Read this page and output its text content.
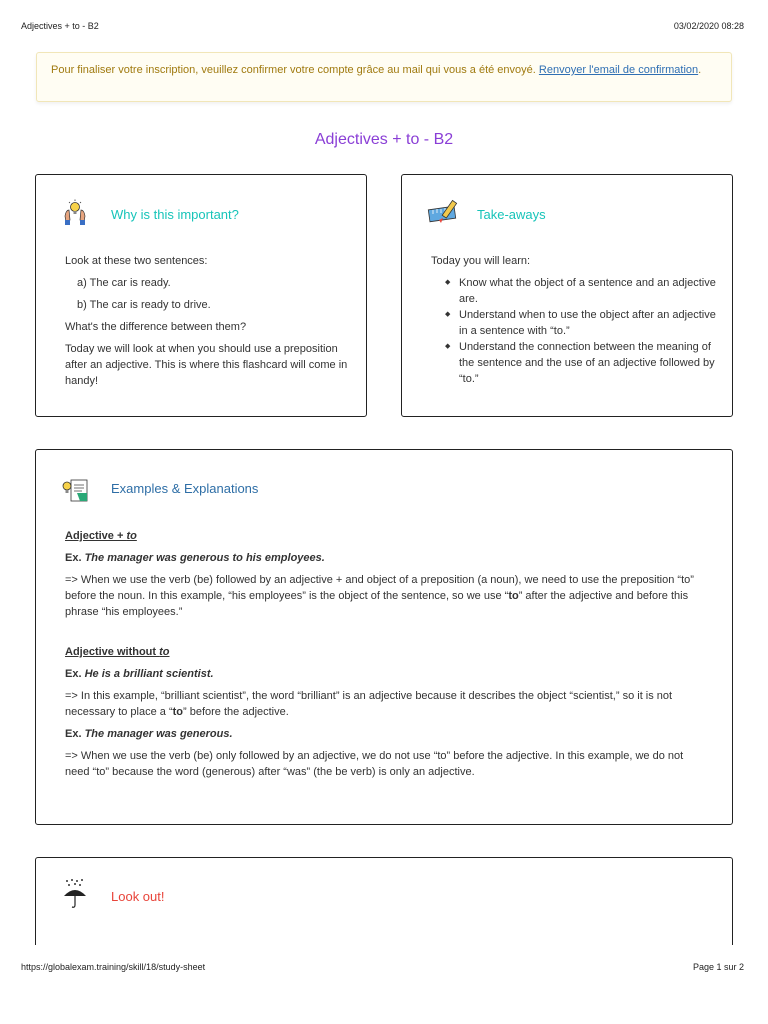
Adjectives + to - B2	03/02/2020 08:28
Pour finaliser votre inscription, veuillez confirmer votre compte grâce au mail qui vous a été envoyé. Renvoyer l'email de confirmation.
Adjectives + to - B2
Why is this important?

Look at these two sentences:

a) The car is ready.

b) The car is ready to drive.

What's the difference between them?

Today we will look at when you should use a preposition after an adjective. This is where this flashcard will come in handy!

Take-aways

Today you will learn:

◆ Know what the object of a sentence and an adjective are.
◆ Understand when to use the object after an adjective in a sentence with “to.”
◆ Understand the connection between the meaning of the sentence and the use of an adjective followed by “to.”
Examples & Explanations

Adjective + to

Ex. The manager was generous to his employees.

=> When we use the verb (be) followed by an adjective + and object of a preposition (a noun), we need to use the preposition “to” before the noun. In this example, “his employees” is the object of the sentence, so we use “to” after the adjective and before this phrase “his employees.”

Adjective without to

Ex. He is a brilliant scientist.

=> In this example, “brilliant scientist”, the word “brilliant” is an adjective because it describes the object “scientist,” so it is not necessary to place a “to” before the adjective.

Ex. The manager was generous.

=> When we use the verb (be) only followed by an adjective, we do not use “to” before the adjective. In this example, we do not need “to” because the word (generous) after “was” (the be verb) is only an adjective.

Look out!
https://globalexam.training/skill/18/study-sheet	Page 1 sur 2
